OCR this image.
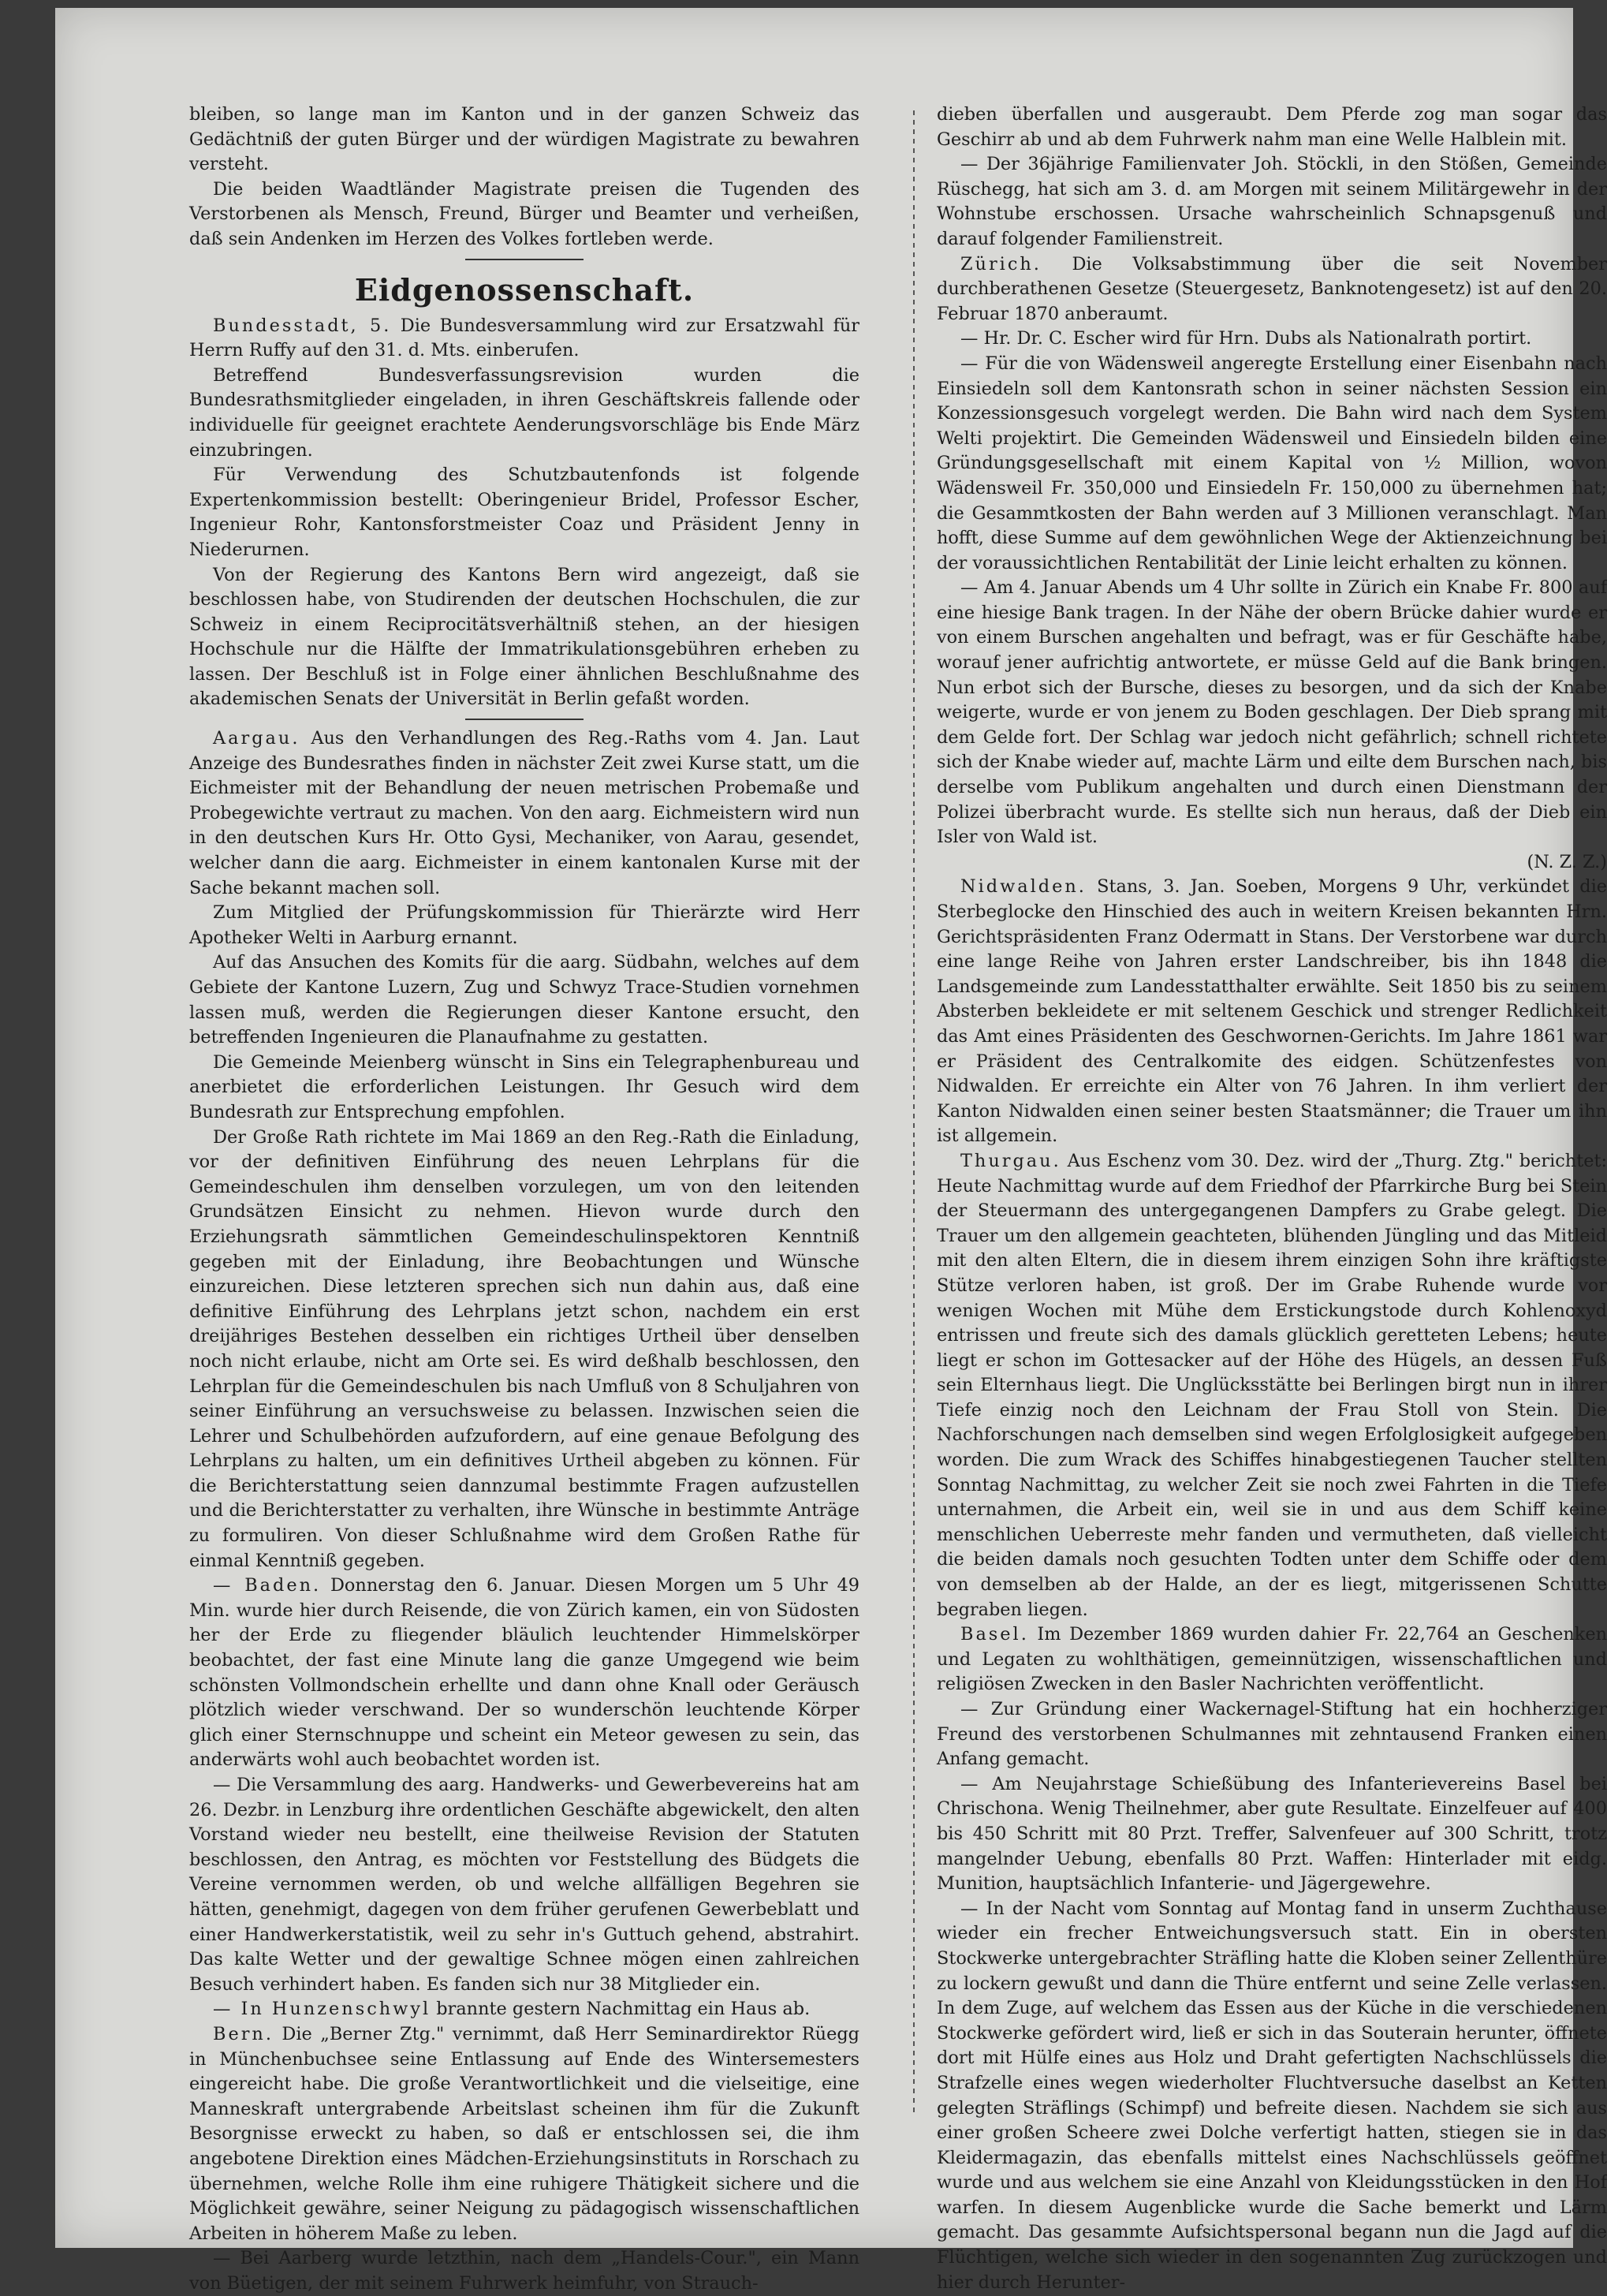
bleiben, so lange man im Kanton und in der ganzen Schweiz das Gedächtniß der guten Bürger und der würdigen Magistrate zu bewahren versteht.

Die beiden Waadtländer Magistrate preisen die Tugenden des Verstorbenen als Mensch, Freund, Bürger und Beamter und verheißen, daß sein Andenken im Herzen des Volkes fortleben werde.

Eidgenossenschaft.

Bundesstadt, 5. Die Bundesversammlung wird zur Ersatzwahl für Herrn Ruffy auf den 31. d. Mts. einberufen.

Betreffend Bundesverfassungsrevision wurden die Bundesrathsmitglieder eingeladen, in ihren Geschäftskreis fallende oder individuelle für geeignet erachtete Aenderungsvorschläge bis Ende März einzubringen.

Für Verwendung des Schutzbautenfonds ist folgende Expertenkommission bestellt: Oberingenieur Bridel, Professor Escher, Ingenieur Rohr, Kantonsforstmeister Coaz und Präsident Jenny in Niederurnen.

Von der Regierung des Kantons Bern wird angezeigt, daß sie beschlossen habe, von Studirenden der deutschen Hochschulen, die zur Schweiz in einem Reciprocitätsverhältniß stehen, an der hiesigen Hochschule nur die Hälfte der Immatrikulationsgebühren erheben zu lassen. Der Beschluß ist in Folge einer ähnlichen Beschlußnahme des akademischen Senats der Universität in Berlin gefaßt worden.

Aargau. Aus den Verhandlungen des Reg.-Raths vom 4. Jan. Laut Anzeige des Bundesrathes finden in nächster Zeit zwei Kurse statt, um die Eichmeister mit der Behandlung der neuen metrischen Probemaße und Probegewichte vertraut zu machen. Von den aarg. Eichmeistern wird nun in den deutschen Kurs Hr. Otto Gysi, Mechaniker, von Aarau, gesendet, welcher dann die aarg. Eichmeister in einem kantonalen Kurse mit der Sache bekannt machen soll.

Zum Mitglied der Prüfungskommission für Thierärzte wird Herr Apotheker Welti in Aarburg ernannt.

Auf das Ansuchen des Komits für die aarg. Südbahn, welches auf dem Gebiete der Kantone Luzern, Zug und Schwyz Trace-Studien vornehmen lassen muß, werden die Regierungen dieser Kantone ersucht, den betreffenden Ingenieuren die Planaufnahme zu gestatten.

Die Gemeinde Meienberg wünscht in Sins ein Telegraphenbureau und anerbietet die erforderlichen Leistungen. Ihr Gesuch wird dem Bundesrath zur Entsprechung empfohlen.

Der Große Rath richtete im Mai 1869 an den Reg.-Rath die Einladung, vor der definitiven Einführung des neuen Lehrplans für die Gemeindeschulen ihm denselben vorzulegen, um von den leitenden Grundsätzen Einsicht zu nehmen. Hievon wurde durch den Erziehungsrath sämmtlichen Gemeindeschulinspektoren Kenntniß gegeben mit der Einladung, ihre Beobachtungen und Wünsche einzureichen. Diese letzteren sprechen sich nun dahin aus, daß eine definitive Einführung des Lehrplans jetzt schon, nachdem ein erst dreijähriges Bestehen desselben ein richtiges Urtheil über denselben noch nicht erlaube, nicht am Orte sei. Es wird deßhalb beschlossen, den Lehrplan für die Gemeindeschulen bis nach Umfluß von 8 Schuljahren von seiner Einführung an versuchsweise zu belassen. Inzwischen seien die Lehrer und Schulbehörden aufzufordern, auf eine genaue Befolgung des Lehrplans zu halten, um ein definitives Urtheil abgeben zu können. Für die Berichterstattung seien dannzumal bestimmte Fragen aufzustellen und die Berichterstatter zu verhalten, ihre Wünsche in bestimmte Anträge zu formuliren. Von dieser Schlußnahme wird dem Großen Rathe für einmal Kenntniß gegeben.

— Baden. Donnerstag den 6. Januar. Diesen Morgen um 5 Uhr 49 Min. wurde hier durch Reisende, die von Zürich kamen, ein von Südosten her der Erde zu fliegender bläulich leuchtender Himmelskörper beobachtet, der fast eine Minute lang die ganze Umgegend wie beim schönsten Vollmondschein erhellte und dann ohne Knall oder Geräusch plötzlich wieder verschwand. Der so wunderschön leuchtende Körper glich einer Sternschnuppe und scheint ein Meteor gewesen zu sein, das anderwärts wohl auch beobachtet worden ist.

— Die Versammlung des aarg. Handwerks- und Gewerbevereins hat am 26. Dezbr. in Lenzburg ihre ordentlichen Geschäfte abgewickelt, den alten Vorstand wieder neu bestellt, eine theilweise Revision der Statuten beschlossen, den Antrag, es möchten vor Feststellung des Büdgets die Vereine vernommen werden, ob und welche allfälligen Begehren sie hätten, genehmigt, dagegen von dem früher gerufenen Gewerbeblatt und einer Handwerkerstatistik, weil zu sehr in's Guttuch gehend, abstrahirt. Das kalte Wetter und der gewaltige Schnee mögen einen zahlreichen Besuch verhindert haben. Es fanden sich nur 38 Mitglieder ein.

— In Hunzenschwyl brannte gestern Nachmittag ein Haus ab.

Bern. Die „Berner Ztg." vernimmt, daß Herr Seminardirektor Rüegg in Münchenbuchsee seine Entlassung auf Ende des Wintersemesters eingereicht habe. Die große Verantwortlichkeit und die vielseitige, eine Manneskraft untergrabende Arbeitslast scheinen ihm für die Zukunft Besorgnisse erweckt zu haben, so daß er entschlossen sei, die ihm angebotene Direktion eines Mädchen-Erziehungsinstituts in Rorschach zu übernehmen, welche Rolle ihm eine ruhigere Thätigkeit sichere und die Möglichkeit gewähre, seiner Neigung zu pädagogisch wissenschaftlichen Arbeiten in höherem Maße zu leben.

— Bei Aarberg wurde letzthin, nach dem „Handels-Cour.", ein Mann von Büetigen, der mit seinem Fuhrwerk heimfuhr, von Strauch-

dieben überfallen und ausgeraubt. Dem Pferde zog man sogar das Geschirr ab und ab dem Fuhrwerk nahm man eine Welle Halblein mit.

— Der 36jährige Familienvater Joh. Stöckli, in den Stößen, Gemeinde Rüschegg, hat sich am 3. d. am Morgen mit seinem Militärgewehr in der Wohnstube erschossen. Ursache wahrscheinlich Schnapsgenuß und darauf folgender Familienstreit.

Zürich. Die Volksabstimmung über die seit November durchberathenen Gesetze (Steuergesetz, Banknotengesetz) ist auf den 20. Februar 1870 anberaumt.

— Hr. Dr. C. Escher wird für Hrn. Dubs als Nationalrath portirt.

— Für die von Wädensweil angeregte Erstellung einer Eisenbahn nach Einsiedeln soll dem Kantonsrath schon in seiner nächsten Session ein Konzessionsgesuch vorgelegt werden. Die Bahn wird nach dem System Welti projektirt. Die Gemeinden Wädensweil und Einsiedeln bilden eine Gründungsgesellschaft mit einem Kapital von ½ Million, wovon Wädensweil Fr. 350,000 und Einsiedeln Fr. 150,000 zu übernehmen hat; die Gesammtkosten der Bahn werden auf 3 Millionen veranschlagt. Man hofft, diese Summe auf dem gewöhnlichen Wege der Aktienzeichnung bei der voraussichtlichen Rentabilität der Linie leicht erhalten zu können.

— Am 4. Januar Abends um 4 Uhr sollte in Zürich ein Knabe Fr. 800 auf eine hiesige Bank tragen. In der Nähe der obern Brücke dahier wurde er von einem Burschen angehalten und befragt, was er für Geschäfte habe, worauf jener aufrichtig antwortete, er müsse Geld auf die Bank bringen. Nun erbot sich der Bursche, dieses zu besorgen, und da sich der Knabe weigerte, wurde er von jenem zu Boden geschlagen. Der Dieb sprang mit dem Gelde fort. Der Schlag war jedoch nicht gefährlich; schnell richtete sich der Knabe wieder auf, machte Lärm und eilte dem Burschen nach, bis derselbe vom Publikum angehalten und durch einen Dienstmann der Polizei überbracht wurde. Es stellte sich nun heraus, daß der Dieb ein Isler von Wald ist.

(N. Z. Z.)

Nidwalden. Stans, 3. Jan. Soeben, Morgens 9 Uhr, verkündet die Sterbeglocke den Hinschied des auch in weitern Kreisen bekannten Hrn. Gerichtspräsidenten Franz Odermatt in Stans. Der Verstorbene war durch eine lange Reihe von Jahren erster Landschreiber, bis ihn 1848 die Landsgemeinde zum Landesstatthalter erwählte. Seit 1850 bis zu seinem Absterben bekleidete er mit seltenem Geschick und strenger Redlichkeit das Amt eines Präsidenten des Geschwornen-Gerichts. Im Jahre 1861 war er Präsident des Centralkomite des eidgen. Schützenfestes von Nidwalden. Er erreichte ein Alter von 76 Jahren. In ihm verliert der Kanton Nidwalden einen seiner besten Staatsmänner; die Trauer um ihn ist allgemein.

Thurgau. Aus Eschenz vom 30. Dez. wird der „Thurg. Ztg." berichtet: Heute Nachmittag wurde auf dem Friedhof der Pfarrkirche Burg bei Stein der Steuermann des untergegangenen Dampfers zu Grabe gelegt. Die Trauer um den allgemein geachteten, blühenden Jüngling und das Mitleid mit den alten Eltern, die in diesem ihrem einzigen Sohn ihre kräftigste Stütze verloren haben, ist groß. Der im Grabe Ruhende wurde vor wenigen Wochen mit Mühe dem Erstickungstode durch Kohlenoxyd entrissen und freute sich des damals glücklich geretteten Lebens; heute liegt er schon im Gottesacker auf der Höhe des Hügels, an dessen Fuß sein Elternhaus liegt. Die Unglücksstätte bei Berlingen birgt nun in ihrer Tiefe einzig noch den Leichnam der Frau Stoll von Stein. Die Nachforschungen nach demselben sind wegen Erfolglosigkeit aufgegeben worden. Die zum Wrack des Schiffes hinabgestiegenen Taucher stellten Sonntag Nachmittag, zu welcher Zeit sie noch zwei Fahrten in die Tiefe unternahmen, die Arbeit ein, weil sie in und aus dem Schiff keine menschlichen Ueberreste mehr fanden und vermutheten, daß vielleicht die beiden damals noch gesuchten Todten unter dem Schiffe oder dem von demselben ab der Halde, an der es liegt, mitgerissenen Schutte begraben liegen.

Basel. Im Dezember 1869 wurden dahier Fr. 22,764 an Geschenken und Legaten zu wohlthätigen, gemeinnützigen, wissenschaftlichen und religiösen Zwecken in den Basler Nachrichten veröffentlicht.

— Zur Gründung einer Wackernagel-Stiftung hat ein hochherziger Freund des verstorbenen Schulmannes mit zehntausend Franken einen Anfang gemacht.

— Am Neujahrstage Schießübung des Infanterievereins Basel bei Chrischona. Wenig Theilnehmer, aber gute Resultate. Einzelfeuer auf 400 bis 450 Schritt mit 80 Przt. Treffer, Salvenfeuer auf 300 Schritt, trotz mangelnder Uebung, ebenfalls 80 Przt. Waffen: Hinterlader mit eidg. Munition, hauptsächlich Infanterie- und Jägergewehre.

— In der Nacht vom Sonntag auf Montag fand in unserm Zuchthause wieder ein frecher Entweichungsversuch statt. Ein in obersten Stockwerke untergebrachter Sträfling hatte die Kloben seiner Zellenthüre zu lockern gewußt und dann die Thüre entfernt und seine Zelle verlassen. In dem Zuge, auf welchem das Essen aus der Küche in die verschiedenen Stockwerke gefördert wird, ließ er sich in das Souterain herunter, öffnete dort mit Hülfe eines aus Holz und Draht gefertigten Nachschlüssels die Strafzelle eines wegen wiederholter Fluchtversuche daselbst an Ketten gelegten Sträflings (Schimpf) und befreite diesen. Nachdem sie sich aus einer großen Scheere zwei Dolche verfertigt hatten, stiegen sie in das Kleidermagazin, das ebenfalls mittelst eines Nachschlüssels geöffnet wurde und aus welchem sie eine Anzahl von Kleidungsstücken in den Hof warfen. In diesem Augenblicke wurde die Sache bemerkt und Lärm gemacht. Das gesammte Aufsichtspersonal begann nun die Jagd auf die Flüchtigen, welche sich wieder in den sogenannten Zug zurückzogen und hier durch Herunter-
